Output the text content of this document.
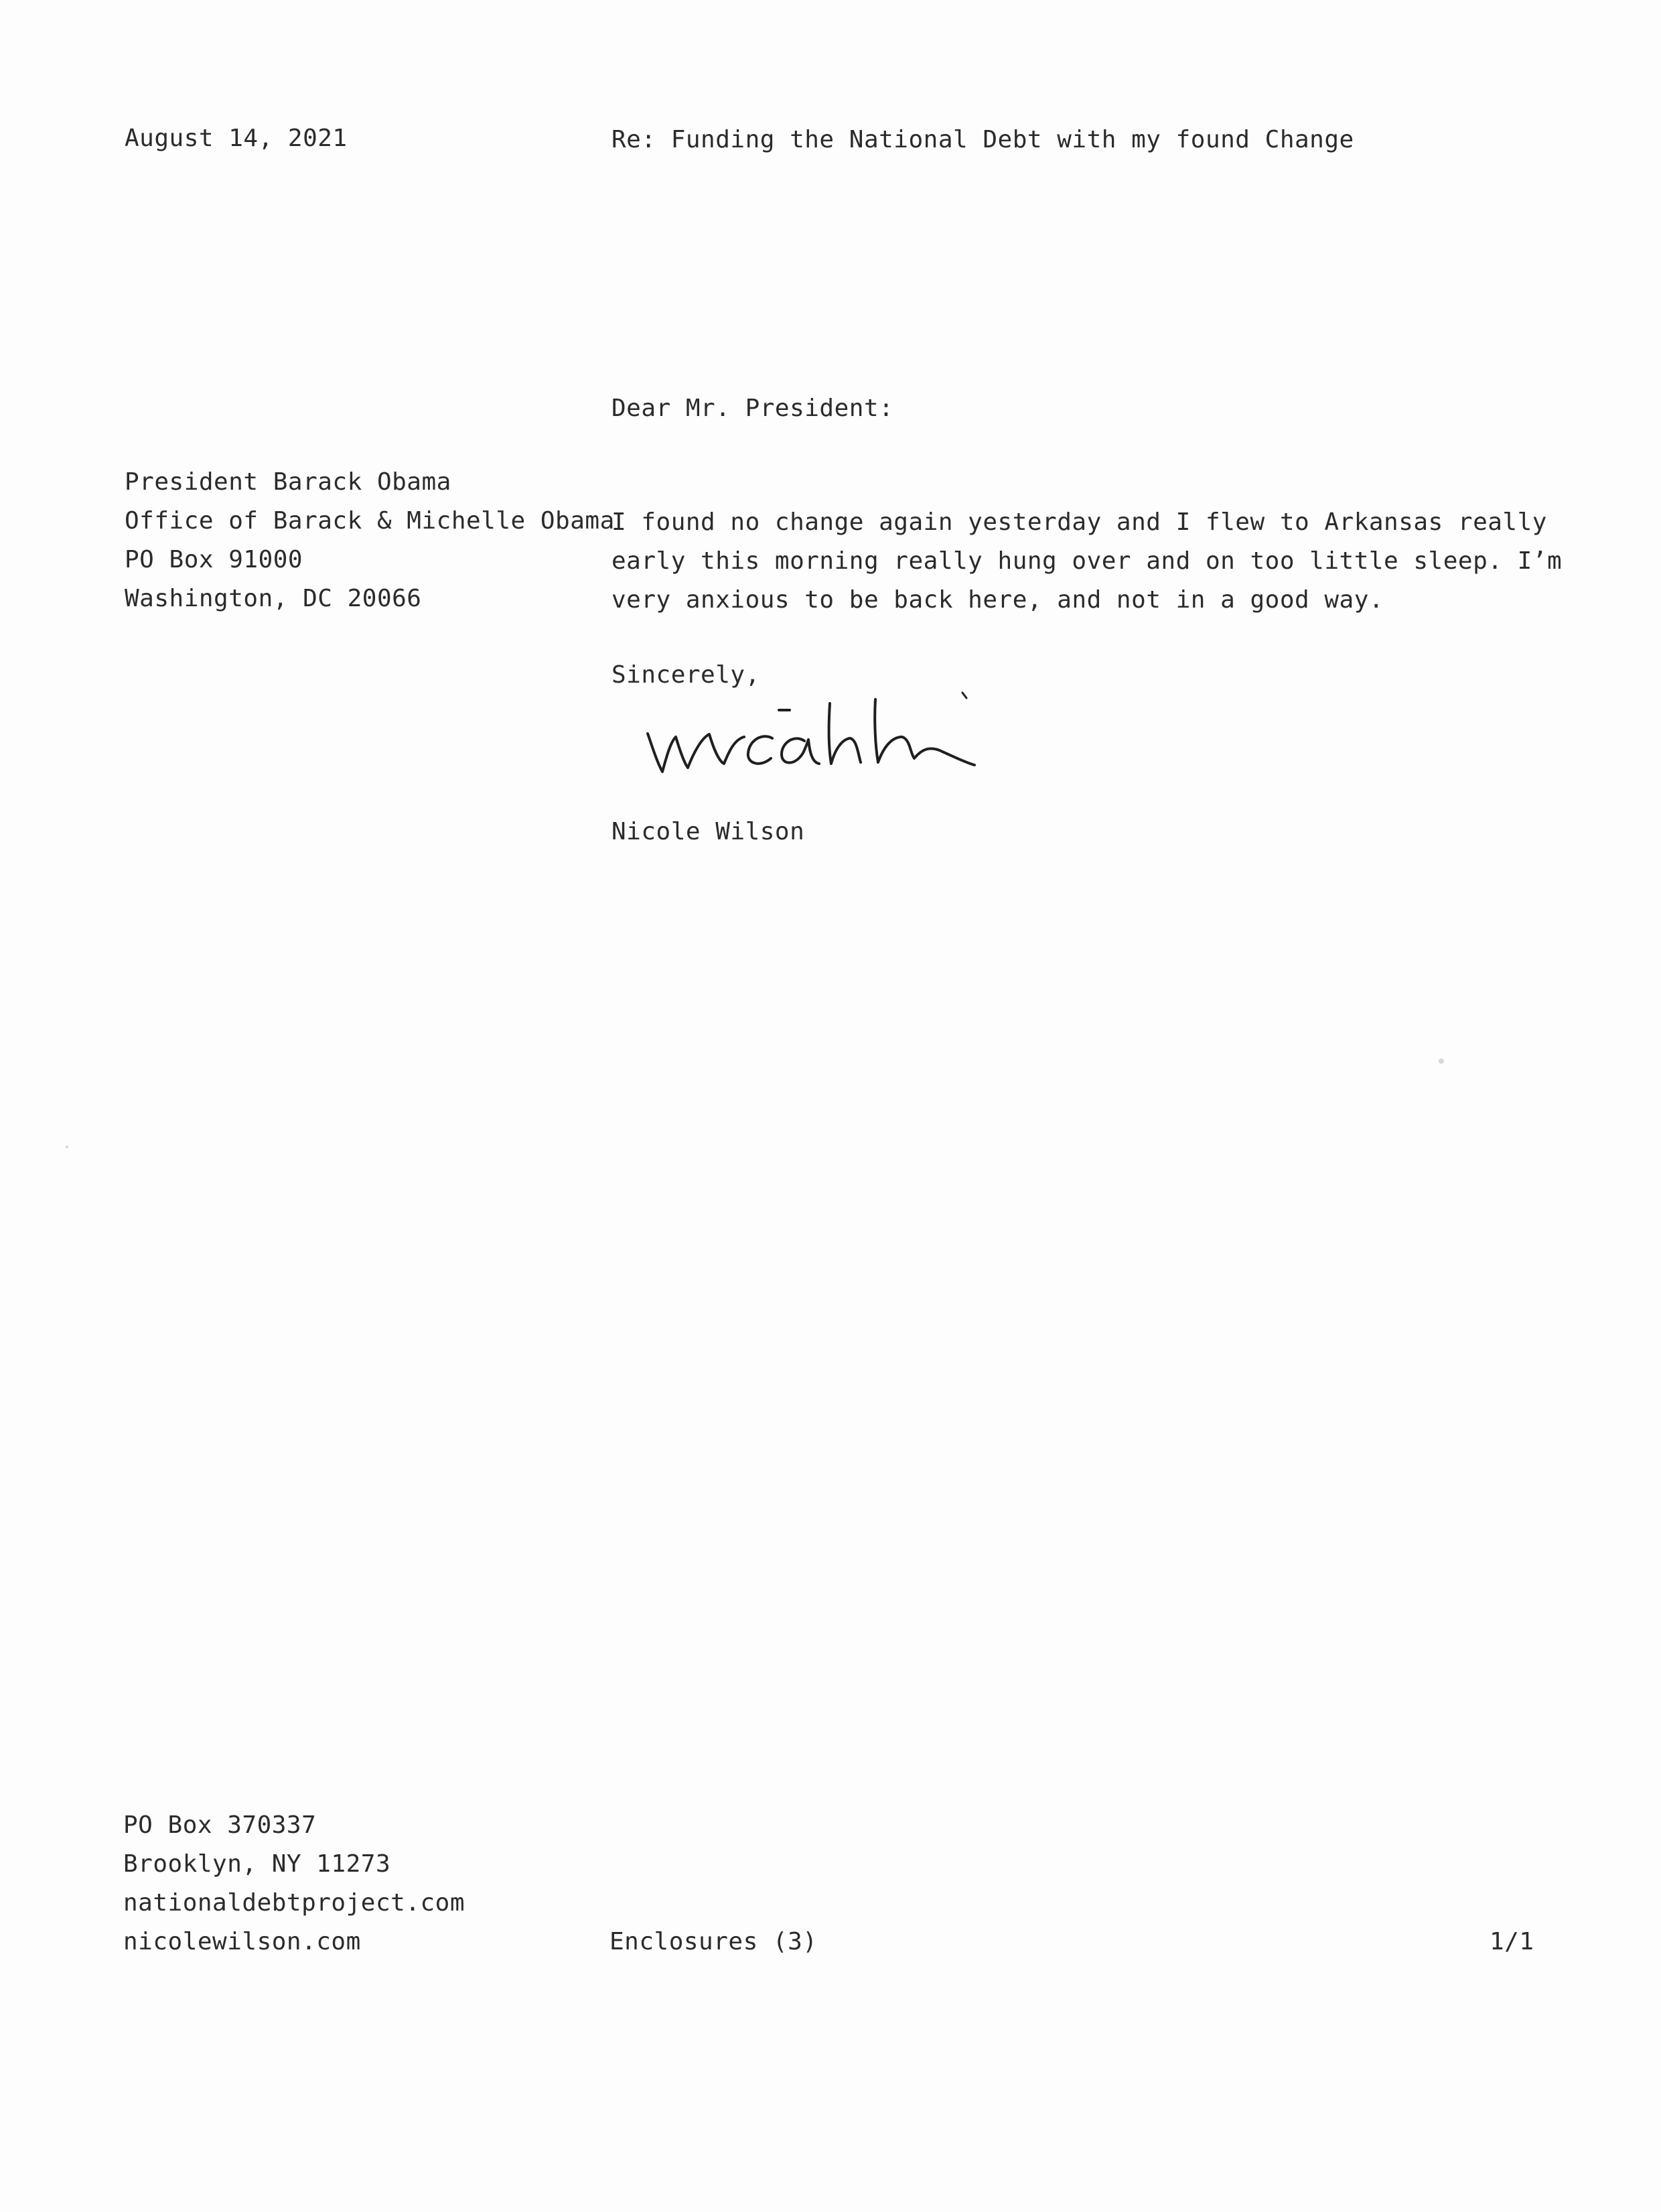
August 14, 2021	Re: Funding the National Debt with my found Change
Dear Mr. President:
President Barack Obama
Office of Barack & Michelle Obama
PO Box 91000
Washington, DC 20066
I found no change again yesterday and I flew to Arkansas really
early this morning really hung over and on too little sleep. I’m
very anxious to be back here, and not in a good way.
Sincerely,
Nicole Wilson
PO Box 370337
Brooklyn, NY 11273
nationaldebtproject.com
nicolewilson.com	Enclosures (3)	1/1
